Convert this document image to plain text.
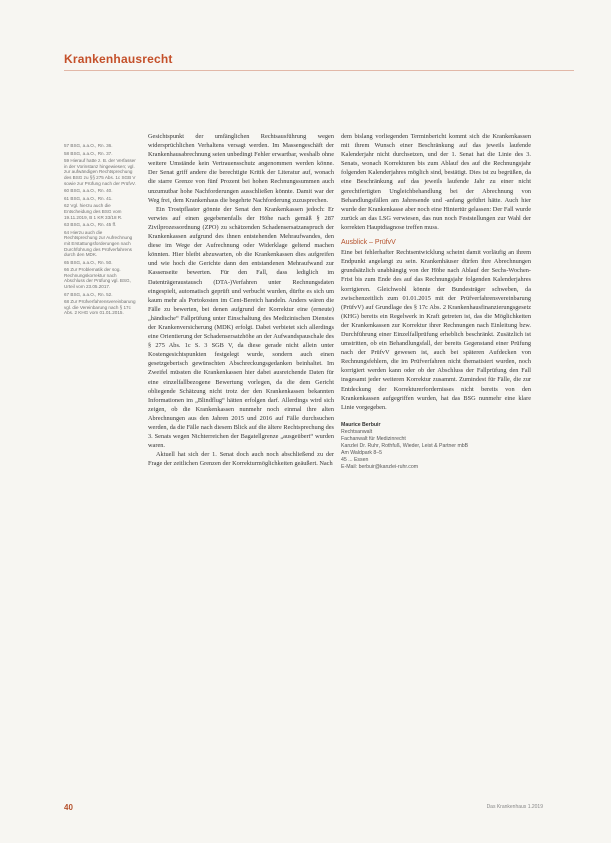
Krankenhausrecht
57 BSG, a.a.O., Rn. 36.
58 BSG, a.a.O., Rn. 37.
59 Hierauf hatte z. B. der Verfasser in der Vorinstanz hingewiesen; vgl. zur aufwändigen Rechtsprechung des BSG zu §§ 275 Abs. 1c SGB V sowie zur Prüfung nach der PrüfvV.
60 BSG, a.a.O., Rn. 40.
61 BSG, a.a.O., Rn. 41.
62 Vgl. hierzu auch die Entscheidung des BSG vom 19.11.2019, B 1 KR 33/18 R.
63 BSG, a.a.O., Rn. 45 ff.
64 Hierzu auch die Rechtsprechung zur Aufrechnung mit Erstattungsforderungen nach Durchführung des Prüfverfahrens durch den MDK.
65 BSG, a.a.O., Rn. 50.
66 Zur Problematik der sog. Rechnungskorrektur nach Abschluss der Prüfung vgl. BSG, Urteil vom 23.05.2017.
67 BSG, a.a.O., Rn. 52.
68 Zur Prüfverfahrensvereinbarung vgl. die Vereinbarung nach § 17c Abs. 2 KHG vom 01.01.2015.

Gesichtspunkt der umfänglichen Rechtsausführung wegen widersprüchlichen Verhaltens versagt werden. Im Massengeschäft der Krankenhausabrechnung seien unbedingt Fehler erwartbar, weshalb ohne weitere Umstände kein Vertrauensschutz angenommen werden könne. Der Senat griff andere die berechtigte Kritik der Literatur auf, wonach die starre Grenze von fünf Prozent bei hohen Rechnungssummen auch unzumutbar hohe Nachforderungen ausschließen könnte. Damit war der Weg frei, dem Krankenhaus die begehrte Nachforderung zuzusprechen.

Ein Trostpflaster gönnte der Senat den Krankenkassen jedoch: Er verwies auf einen gegebenenfalls der Höhe nach gemäß § 287 Zivilprozessordnung (ZPO) zu schätzenden Schadensersatzanspruch der Krankenkassen aufgrund des ihnen entstehenden Mehraufwandes, den diese im Wege der Aufrechnung oder Widerklage geltend machen könnten. Hier bleibt abzuwarten, ob die Krankenkassen dies aufgreifen und wie hoch die Gerichte dann den entstandenen Mehraufwand zur Kassenseite bewerten. Für den Fall, dass lediglich im Datenträgeraustausch (DTA-)Verfahren unter Rechnungsdaten eingespielt, automatisch geprüft und verbucht wurden, dürfte es sich um kaum mehr als Portokosten im Cent-Bereich handeln. Anders wären die Fälle zu bewerten, bei denen aufgrund der Korrektur eine (erneute) „händische“ Fallprüfung unter Einschaltung des Medizinischen Dienstes der Krankenversicherung (MDK) erfolgt. Dabei verbietet sich allerdings eine Orientierung der Schadensersatzhöhe an der Aufwandspauschale des § 275 Abs. 1c S. 3 SGB V, da diese gerade nicht allein unter Kostengesichtspunkten festgelegt wurde, sondern auch einen gesetzgeberisch gewünschten Abschreckungsgedanken beinhaltet. Im Zweifel müssten die Krankenkassen hier dabei ausreichende Daten für eine einzelfallbezogene Bewertung vorlegen, da die dem Gericht obliegende Schätzung nicht trotz der den Krankenkassen bekannten Informationen im „Blindflug“ hätten erfolgen darf. Allerdings wird sich zeigen, ob die Krankenkassen nunmehr noch einmal ihre alten Abrechnungen aus den Jahren 2015 und 2016 auf Fälle durchsuchen werden, da die Fälle nach diesem Blick auf die ältere Rechtsprechung des 3. Senats wegen Nichterreichen der Bagatellgrenze „ausgeübert“ wurden waren.

Aktuell hat sich der 1. Senat doch auch noch abschließend zu der Frage der zeitlichen Grenzen der Korrekturmöglichkeiten geäußert. Nach

dem bislang vorliegenden Terminbericht kommt sich die Krankenkassen mit ihrem Wunsch einer Beschränkung auf das jeweils laufende Kalenderjahr nicht durchsetzen, und der 1. Senat hat die Linie des 3. Senats, wonach Korrekturen bis zum Ablauf des auf die Rechnungsjahr folgenden Kalenderjahres möglich sind, bestätigt. Dies ist zu begrüßen, da eine Beschränkung auf das jeweils laufende Jahr zu einer nicht gerechtfertigten Ungleichbehandlung bei der Abrechnung von Behandlungsfällen am Jahresende und -anfang geführt hätte. Auch hier wurde der Krankenkasse aber noch eine Hintertür gelassen: Der Fall wurde zurück an das LSG verwiesen, das nun noch Feststellungen zur Wahl der korrekten Hauptdiagnose treffen muss.

Ausblick – PrüfvV

Eine bei fehlerhafter Rechtsentwicklung scheint damit vorläufig an ihrem Endpunkt angelangt zu sein. Krankenhäuser dürfen ihre Abrechnungen grundsätzlich unabhängig von der Höhe nach Ablauf der Sechs-Wochen-Frist bis zum Ende des auf das Rechnungsjahr folgenden Kalenderjahres korrigieren. Gleichwohl könnte der Bundesträger schweben, da zwischenzeitlich zum 01.01.2015 mit der Prüfverfahrensvereinbarung (PrüfvV) auf Grundlage des § 17c Abs. 2 Krankenhausfinanzierungsgesetz (KHG) bereits ein Regelwerk in Kraft getreten ist, das die Möglichkeiten der Krankenkassen zur Korrektur ihrer Rechnungen nach Einleitung bzw. Durchführung einer Einzelfallprüfung erheblich beschränkt. Zusätzlich ist umstritten, ob ein Behandlungsfall, der bereits Gegenstand einer Prüfung nach der PrüfvV gewesen ist, auch bei späteren Aufdecken von Rechnungsfehlern, die im Prüfverfahren nicht thematisiert wurden, noch korrigiert werden kann oder ob der Abschluss der Fallprüfung den Fall insgesamt jeder weiteren Korrektur zusammt. Zumindest für Fälle, die zur Entdeckung der Korrekturerfordernisses nicht bereits von den Krankenkassen aufgegriffen wurden, hat das BSG nunmehr eine klare Linie vorgegeben.

Maurice Berbuir
Rechtsanwalt
Fachanwalt für Medizinrecht
Kanzlei Dr. Ruhr, Rothfuß, Wieder, Leist & Partner mbB
Am Waldpark 8–5
45 ... Essen
E-Mail: berbuir@kanzlei-ruhr.com
40	Das Krankenhaus 1.2019
